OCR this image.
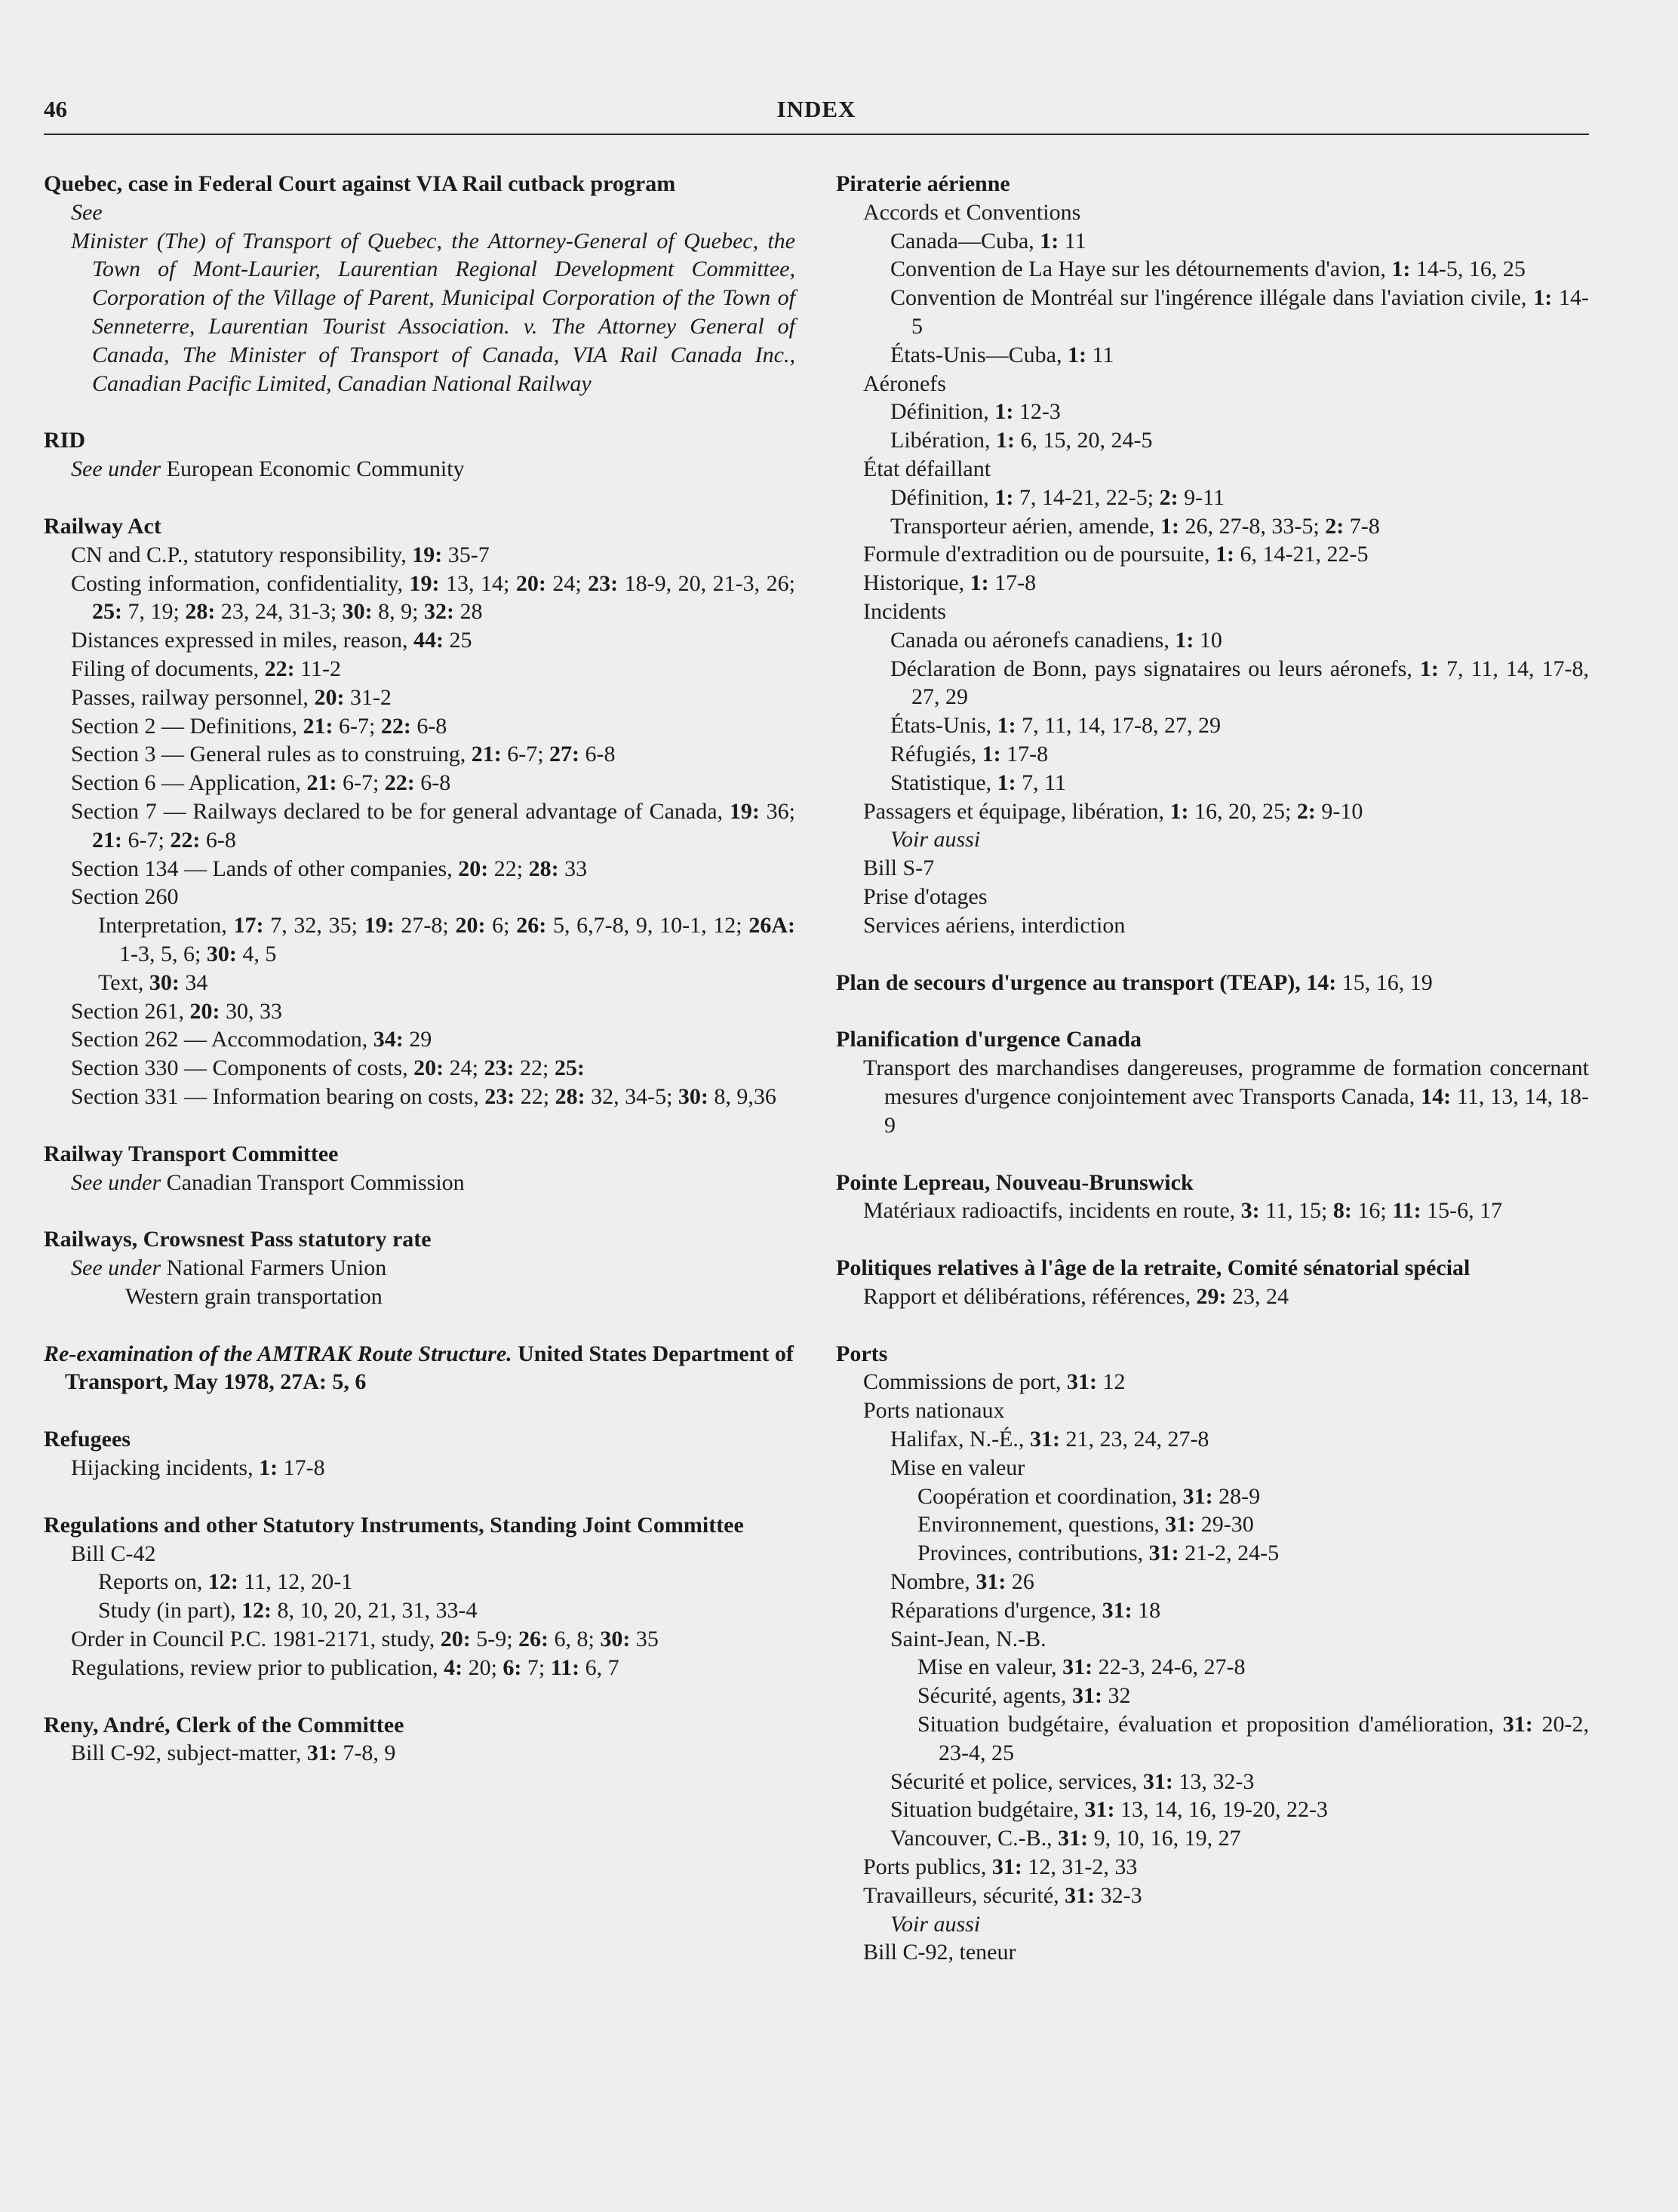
46	INDEX
Quebec, case in Federal Court against VIA Rail cutback program
See
Minister (The) of Transport of Quebec, the Attorney-General of Quebec, the Town of Mont-Laurier, Laurentian Regional Development Committee, Corporation of the Village of Parent, Municipal Corporation of the Town of Senneterre, Laurentian Tourist Association. v. The Attorney General of Canada, The Minister of Transport of Canada, VIA Rail Canada Inc., Canadian Pacific Limited, Canadian National Railway
RID
See under European Economic Community
Railway Act
CN and C.P., statutory responsibility, 19: 35-7
Costing information, confidentiality, 19: 13, 14; 20: 24; 23: 18-9, 20, 21-3, 26; 25: 7, 19; 28: 23, 24, 31-3; 30: 8, 9; 32: 28
Distances expressed in miles, reason, 44: 25
Filing of documents, 22: 11-2
Passes, railway personnel, 20: 31-2
Section 2 — Definitions, 21: 6-7; 22: 6-8
Section 3 — General rules as to construing, 21: 6-7; 27: 6-8
Section 6 — Application, 21: 6-7; 22: 6-8
Section 7 — Railways declared to be for general advantage of Canada, 19: 36; 21: 6-7; 22: 6-8
Section 134 — Lands of other companies, 20: 22; 28: 33
Section 260
Interpretation, 17: 7, 32, 35; 19: 27-8; 20: 6; 26: 5, 6,7-8, 9, 10-1, 12; 26A: 1-3, 5, 6; 30: 4, 5
Text, 30: 34
Section 261, 20: 30, 33
Section 262 — Accommodation, 34: 29
Section 330 — Components of costs, 20: 24; 23: 22; 25:
Section 331 — Information bearing on costs, 23: 22; 28: 32, 34-5; 30: 8, 9,36
Railway Transport Committee
See under Canadian Transport Commission
Railways, Crowsnest Pass statutory rate
See under National Farmers Union
Western grain transportation
Re-examination of the AMTRAK Route Structure. United States Department of Transport, May 1978, 27A: 5, 6
Refugees
Hijacking incidents, 1: 17-8
Regulations and other Statutory Instruments, Standing Joint Committee
Bill C-42
Reports on, 12: 11, 12, 20-1
Study (in part), 12: 8, 10, 20, 21, 31, 33-4
Order in Council P.C. 1981-2171, study, 20: 5-9; 26: 6, 8; 30: 35
Regulations, review prior to publication, 4: 20; 6: 7; 11: 6, 7
Reny, André, Clerk of the Committee
Bill C-92, subject-matter, 31: 7-8, 9
Piraterie aérienne
Accords et Conventions
Canada—Cuba, 1: 11
Convention de La Haye sur les détournements d'avion, 1: 14-5, 16, 25
Convention de Montréal sur l'ingérence illégale dans l'aviation civile, 1: 14-5
États-Unis—Cuba, 1: 11
Aéronefs
Définition, 1: 12-3
Libération, 1: 6, 15, 20, 24-5
État défaillant
Définition, 1: 7, 14-21, 22-5; 2: 9-11
Transporteur aérien, amende, 1: 26, 27-8, 33-5; 2: 7-8
Formule d'extradition ou de poursuite, 1: 6, 14-21, 22-5
Historique, 1: 17-8
Incidents
Canada ou aéronefs canadiens, 1: 10
Déclaration de Bonn, pays signataires ou leurs aéronefs, 1: 7, 11, 14, 17-8, 27, 29
États-Unis, 1: 7, 11, 14, 17-8, 27, 29
Réfugiés, 1: 17-8
Statistique, 1: 7, 11
Passagers et équipage, libération, 1: 16, 20, 25; 2: 9-10
Voir aussi
Bill S-7
Prise d'otages
Services aériens, interdiction
Plan de secours d'urgence au transport (TEAP), 14: 15, 16, 19
Planification d'urgence Canada
Transport des marchandises dangereuses, programme de formation concernant mesures d'urgence conjointement avec Transports Canada, 14: 11, 13, 14, 18-9
Pointe Lepreau, Nouveau-Brunswick
Matériaux radioactifs, incidents en route, 3: 11, 15; 8: 16; 11: 15-6, 17
Politiques relatives à l'âge de la retraite, Comité sénatorial spécial
Rapport et délibérations, références, 29: 23, 24
Ports
Commissions de port, 31: 12
Ports nationaux
Halifax, N.-É., 31: 21, 23, 24, 27-8
Mise en valeur
Coopération et coordination, 31: 28-9
Environnement, questions, 31: 29-30
Provinces, contributions, 31: 21-2, 24-5
Nombre, 31: 26
Réparations d'urgence, 31: 18
Saint-Jean, N.-B.
Mise en valeur, 31: 22-3, 24-6, 27-8
Sécurité, agents, 31: 32
Situation budgétaire, évaluation et proposition d'amélioration, 31: 20-2, 23-4, 25
Sécurité et police, services, 31: 13, 32-3
Situation budgétaire, 31: 13, 14, 16, 19-20, 22-3
Vancouver, C.-B., 31: 9, 10, 16, 19, 27
Ports publics, 31: 12, 31-2, 33
Travailleurs, sécurité, 31: 32-3
Voir aussi
Bill C-92, teneur
